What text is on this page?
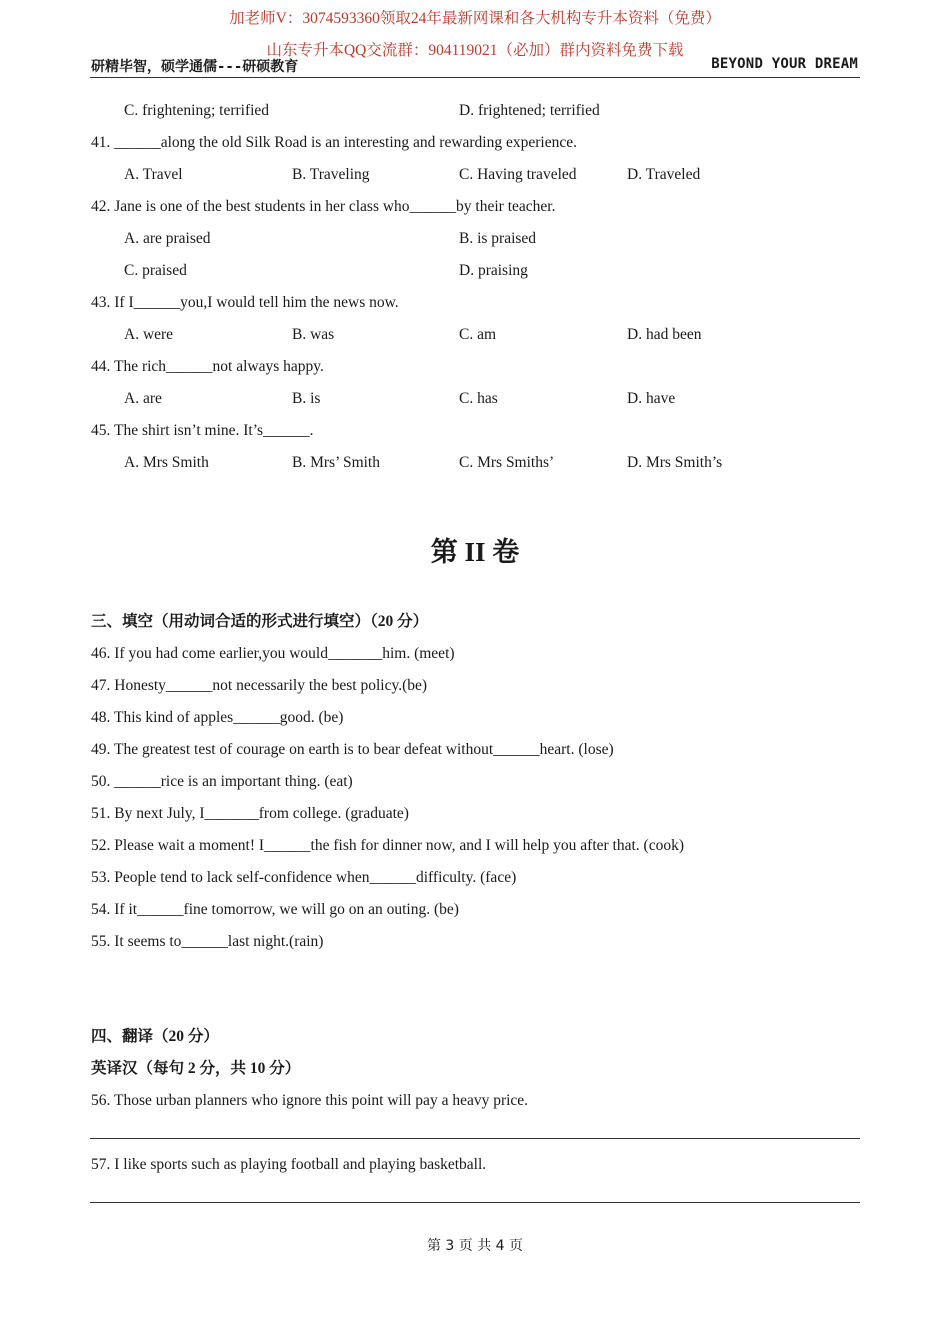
加老师V：3074593360领取24年最新网课和各大机构专升本资料（免费）
山东专升本QQ交流群：904119021（必加）群内资料免费下载
研精毕智，硕学通儒---研硕教育	BEYOND YOUR DREAM
C. frightening; terrified	D. frightened; terrified
41. ______along the old Silk Road is an interesting and rewarding experience.
A. Travel	B. Traveling	C. Having traveled	D. Traveled
42. Jane is one of the best students in her class who______by their teacher.
A. are praised	B. is praised
C. praised	D. praising
43. If I______you,I would tell him the news now.
A. were	B. was	C. am	D. had been
44. The rich______not always happy.
A. are	B. is	C. has	D. have
45. The shirt isn’t mine. It’s______.
A. Mrs Smith	B. Mrs’ Smith	C. Mrs Smiths’	D. Mrs Smith’s
第 II 卷
三、填空（用动词合适的形式进行填空）（20 分）
46. If you had come earlier,you would_______him. (meet)
47. Honesty______not necessarily the best policy.(be)
48. This kind of apples______good. (be)
49. The greatest test of courage on earth is to bear defeat without______heart. (lose)
50. ______rice is an important thing. (eat)
51. By next July, I_______from college. (graduate)
52. Please wait a moment! I______the fish for dinner now, and I will help you after that. (cook)
53. People tend to lack self-confidence when______difficulty. (face)
54. If it______fine tomorrow, we will go on an outing. (be)
55. It seems to______last night.(rain)
四、翻译（20 分）
英译汉（每句 2 分，共 10 分）
56. Those urban planners who ignore this point will pay a heavy price.
57. I like sports such as playing football and playing basketball.
第 3 页 共 4 页
